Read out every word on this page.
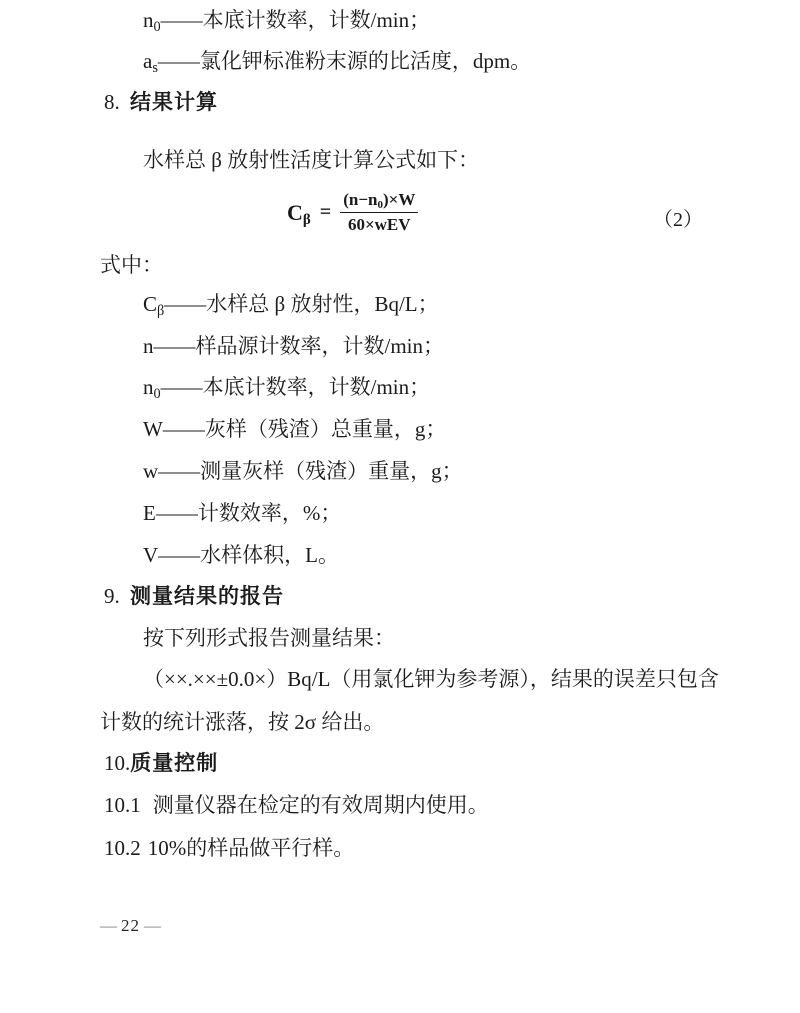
$n_0——$本底计数率，计数/min；
$a_s——$氯化钾标准粉末源的比活度，dpm。
8. 结果计算
水样总 β 放射性活度计算公式如下：
$C_\beta = \frac{(n-n_0)\times W}{\text{60×wEV}}$	（2）
式中：
$C_\beta——$水样总 β 放射性，Bq/L；
n——样品源计数率，计数/min；
$n_0——$本底计数率，计数/min；
W——灰样（残渣）总重量，g；
w——测量灰样（残渣）重量，g；
E——计数效率，%；
V——水样体积，L。
9. 测量结果的报告
按下列形式报告测量结果：
（××.××±0.0×）Bq/L（用氯化钾为参考源），结果的误差只包含
计数的统计涨落，按 2σ 给出。
10.质量控制
10.1 测量仪器在检定的有效周期内使用。
10.2 10%的样品做平行样。
— 22 —
